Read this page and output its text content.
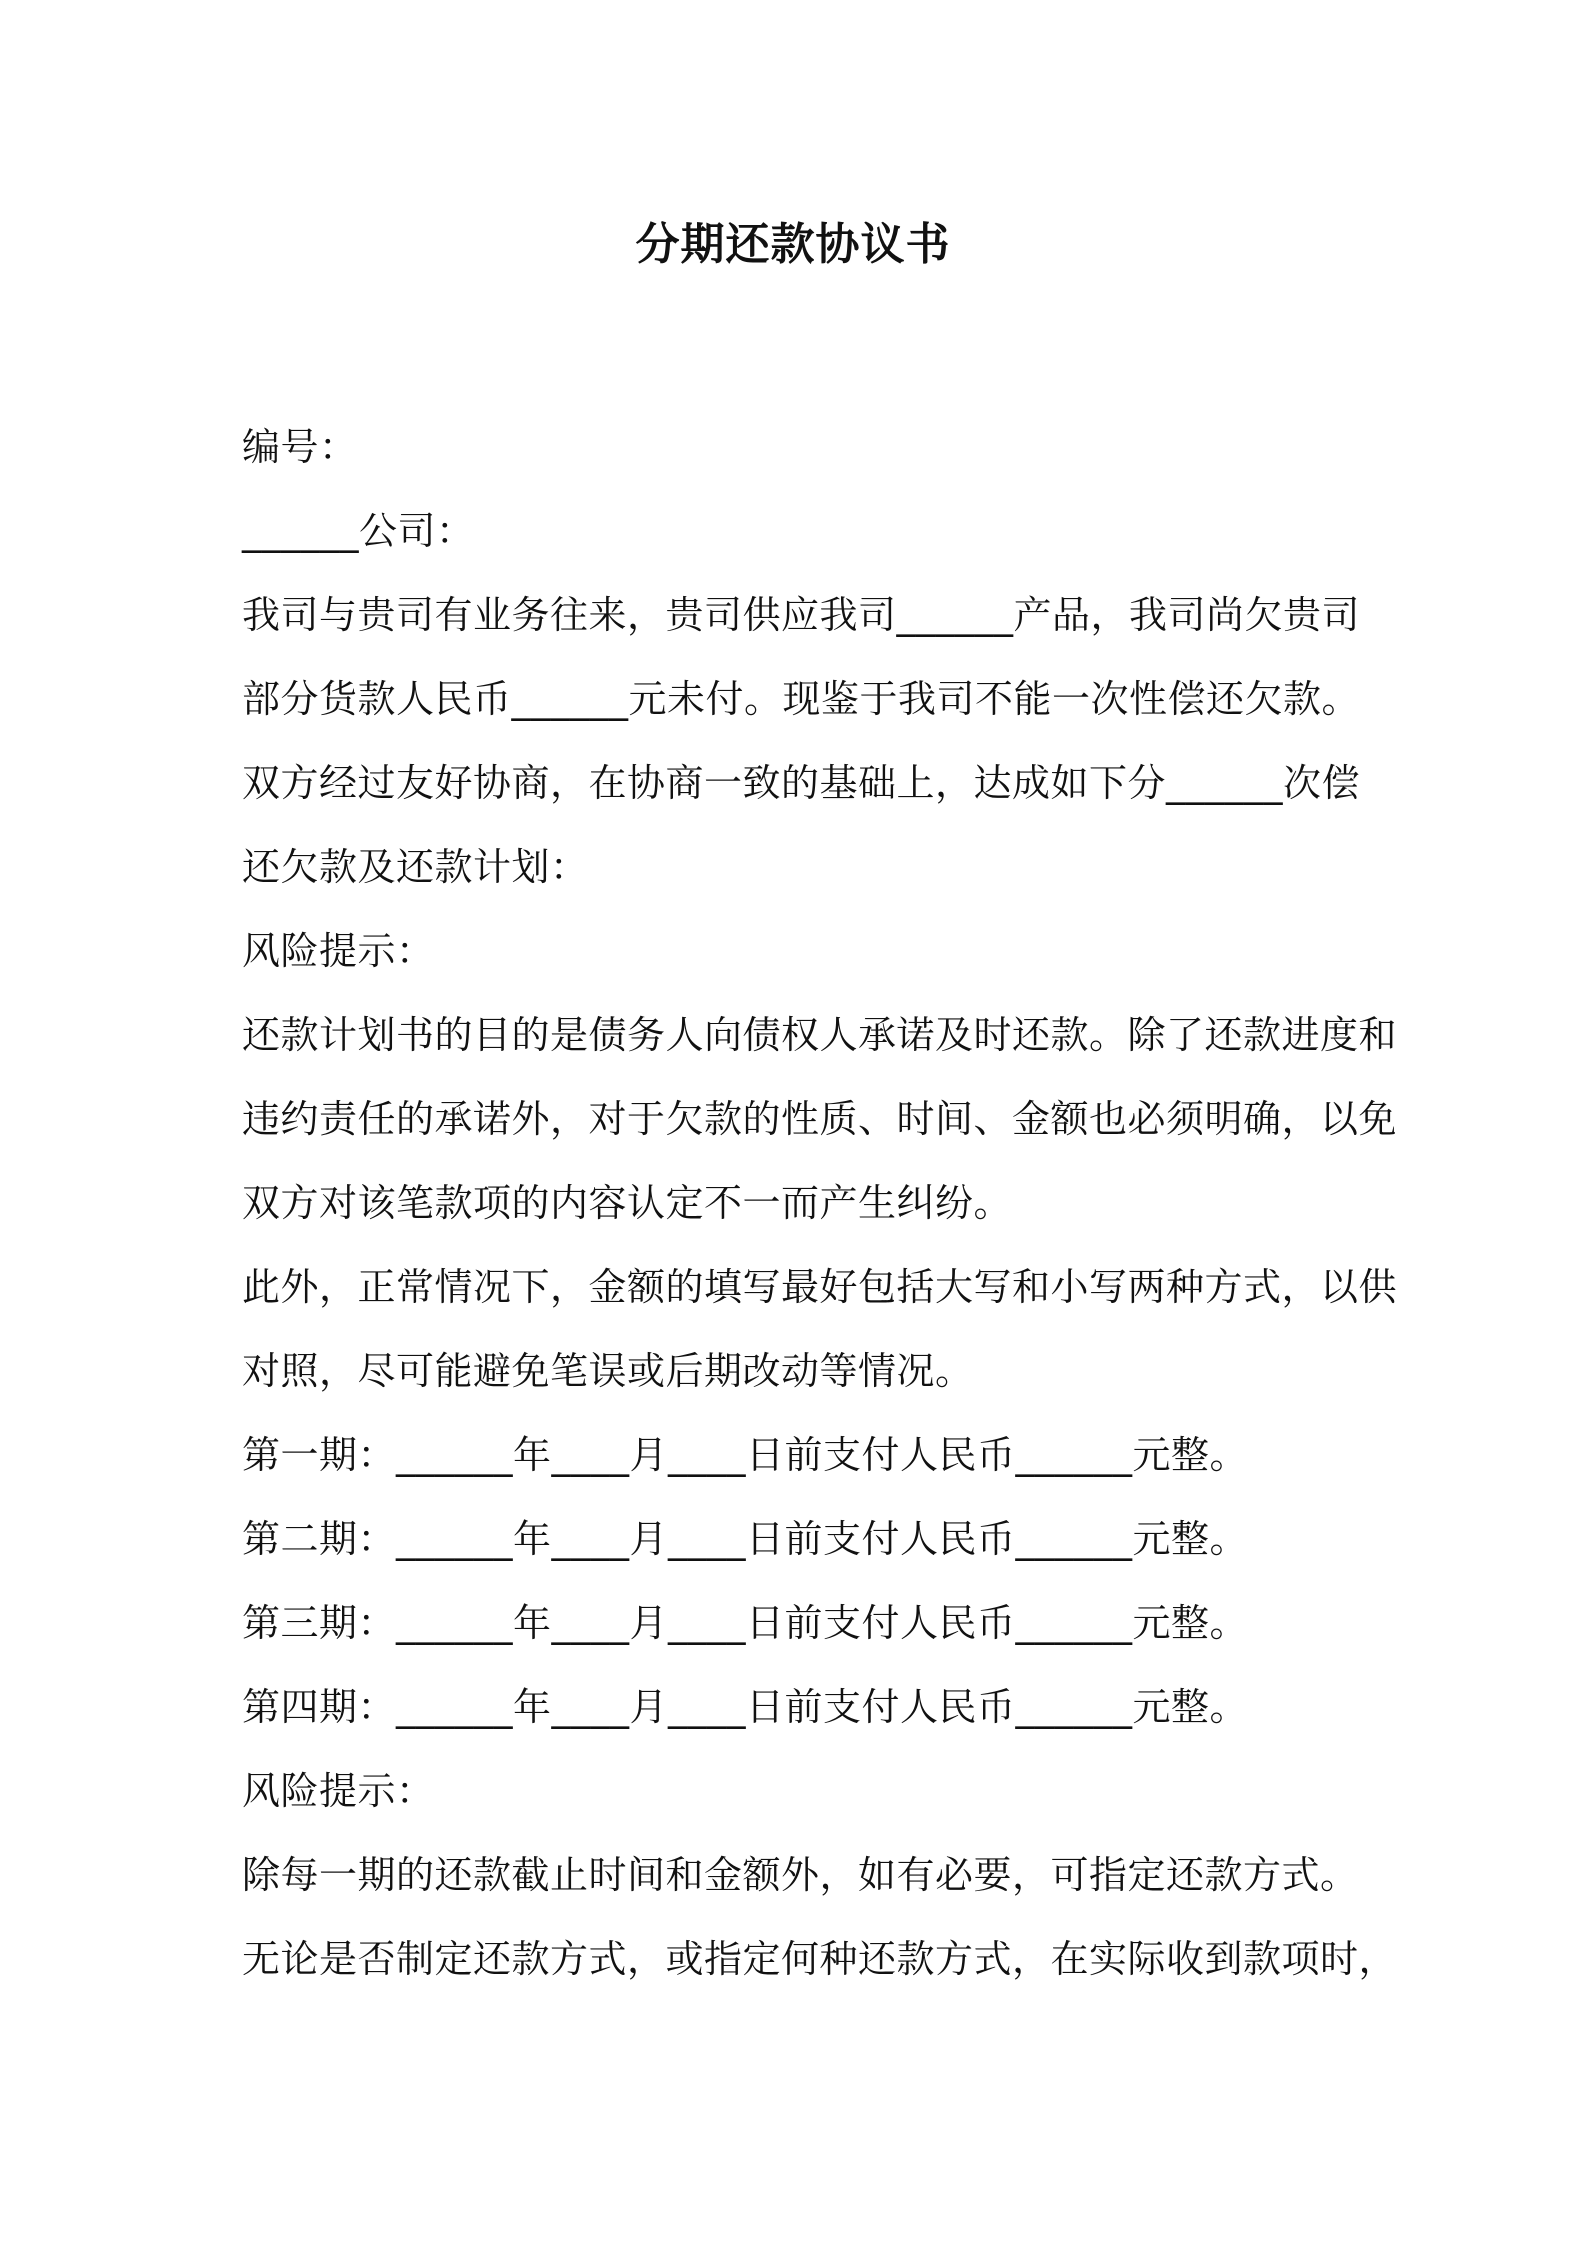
分期还款协议书
编号：
______公司：
我司与贵司有业务往来，贵司供应我司______产品，我司尚欠贵司
部分货款人民币______元未付。现鉴于我司不能一次性偿还欠款。
双方经过友好协商，在协商一致的基础上，达成如下分______次偿
还欠款及还款计划：
风险提示：
还款计划书的目的是债务人向债权人承诺及时还款。除了还款进度和
违约责任的承诺外，对于欠款的性质、时间、金额也必须明确，以免
双方对该笔款项的内容认定不一而产生纠纷。
此外，正常情况下，金额的填写最好包括大写和小写两种方式，以供
对照，尽可能避免笔误或后期改动等情况。
第一期：______年____月____日前支付人民币______元整。
第二期：______年____月____日前支付人民币______元整。
第三期：______年____月____日前支付人民币______元整。
第四期：______年____月____日前支付人民币______元整。
风险提示：
除每一期的还款截止时间和金额外，如有必要，可指定还款方式。
无论是否制定还款方式，或指定何种还款方式，在实际收到款项时，
